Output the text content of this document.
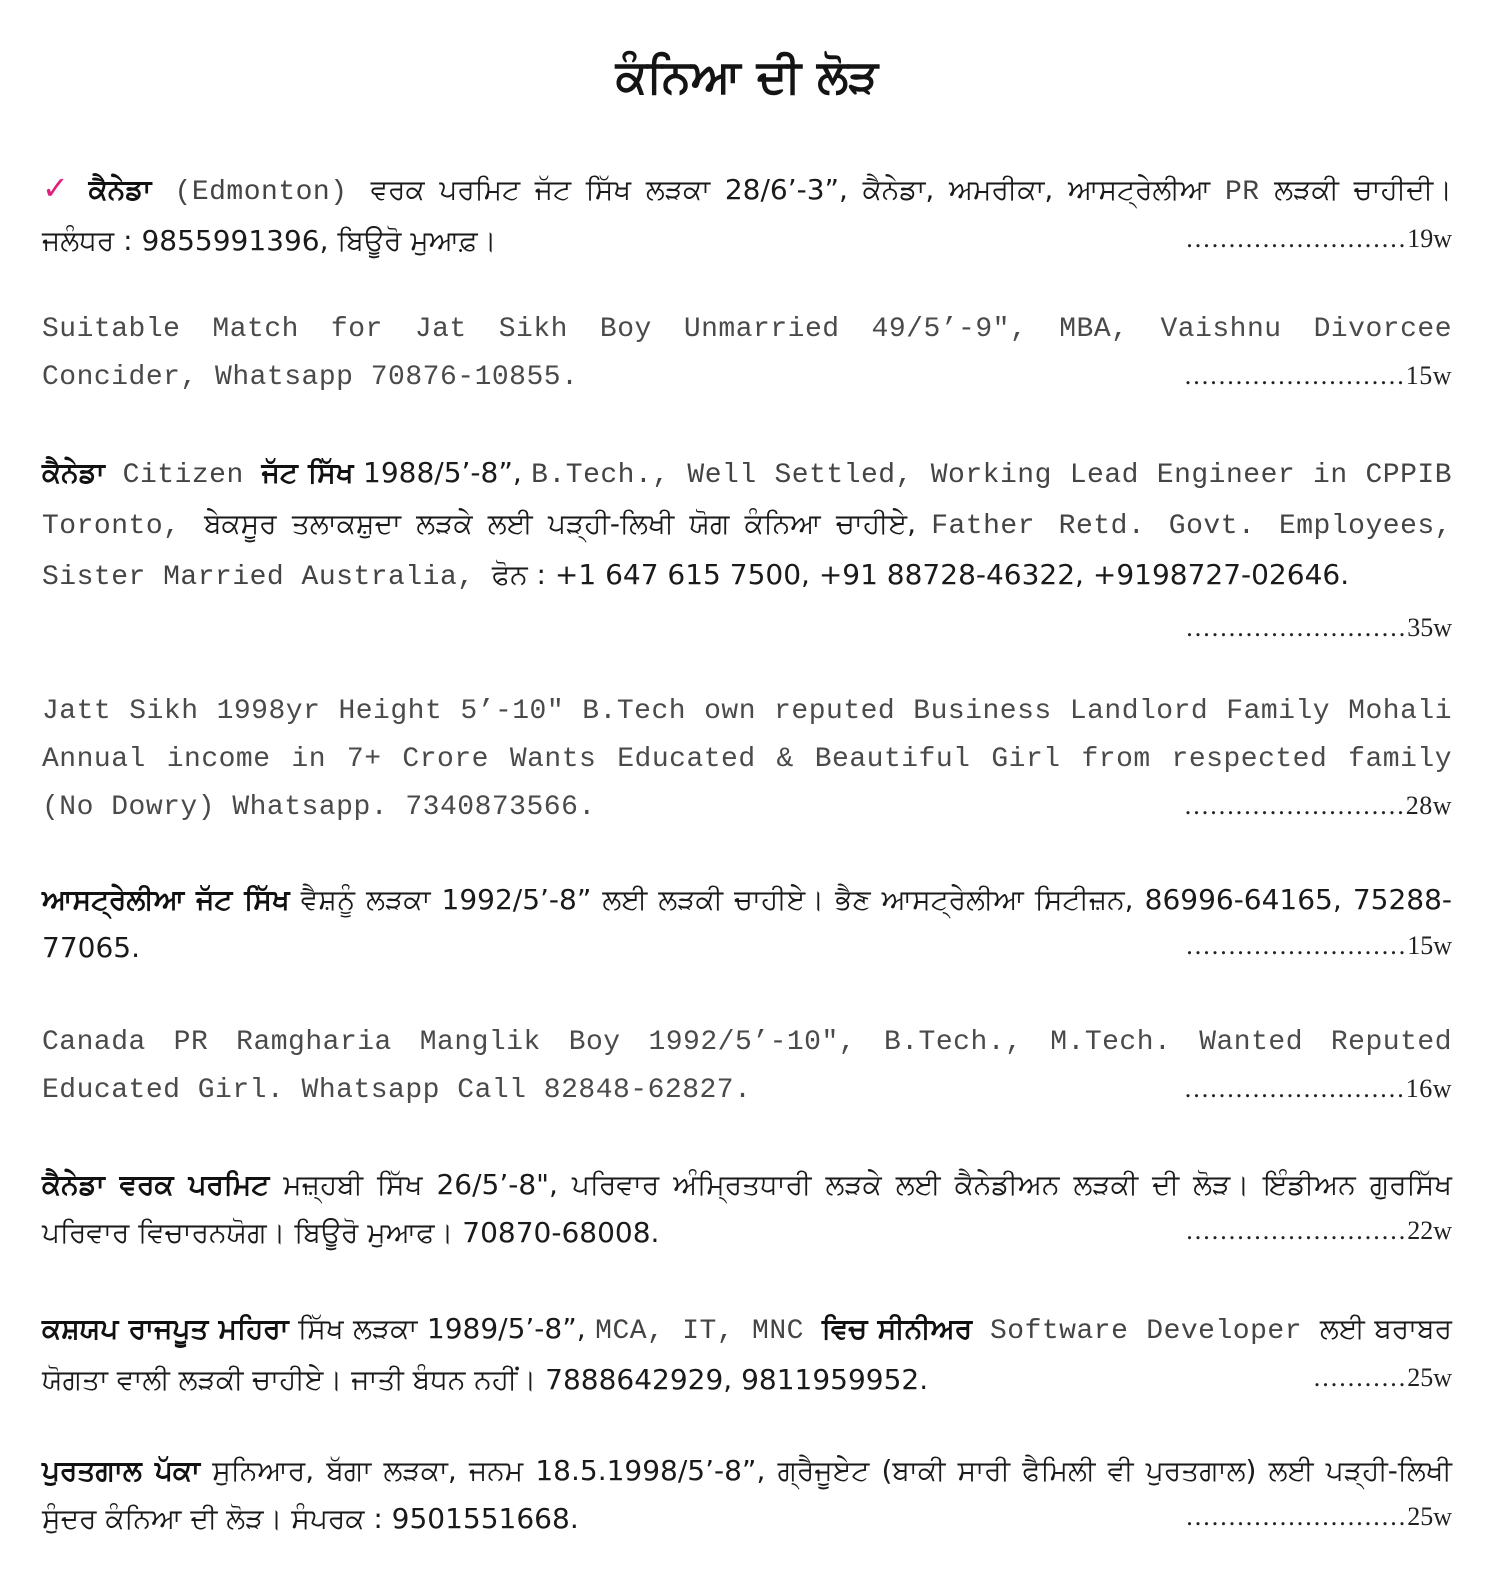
ਕੰਨਿਆ ਦੀ ਲੋੜ
✓ ਕੈਨੇਡਾ (Edmonton) ਵਰਕ ਪਰਮਿਟ ਜੱਟ ਸਿੱਖ ਲੜਕਾ 28/6’-3”, ਕੈਨੇਡਾ, ਅਮਰੀਕਾ, ਆਸਟ੍ਰੇਲੀਆ PR ਲੜਕੀ ਚਾਹੀਦੀ। ਜਲੰਧਰ : 9855991396, ਬਿਊਰੋ ਮੁਆਫ਼।	..........................19w
Suitable Match for Jat Sikh Boy Unmarried 49/5’-9", MBA, Vaishnu Divorcee Concider, Whatsapp 70876-10855.	..........................15w
ਕੈਨੇਡਾ Citizen ਜੱਟ ਸਿੱਖ 1988/5’-8”, B.Tech., Well Settled, Working Lead Engineer in CPPIB Toronto, ਬੇਕਸੂਰ ਤਲਾਕਸ਼ੁਦਾ ਲੜਕੇ ਲਈ ਪੜ੍ਹੀ-ਲਿਖੀ ਯੋਗ ਕੰਨਿਆ ਚਾਹੀਏ, Father Retd. Govt. Employees, Sister Married Australia, ਫੋਨ : +1 647 615 7500, +91 88728-46322, +9198727-02646.
..........................35w
Jatt Sikh 1998yr Height 5’-10" B.Tech own reputed Business Landlord Family Mohali Annual income in 7+ Crore Wants Educated & Beautiful Girl from respected family (No Dowry) Whatsapp. 7340873566.	..........................28w
ਆਸਟ੍ਰੇਲੀਆ ਜੱਟ ਸਿੱਖ ਵੈਸ਼ਨੂੰ ਲੜਕਾ 1992/5’-8” ਲਈ ਲੜਕੀ ਚਾਹੀਏ। ਭੈਣ ਆਸਟ੍ਰੇਲੀਆ ਸਿਟੀਜ਼ਨ, 86996-64165, 75288-77065.	..........................15w
Canada PR Ramgharia Manglik Boy 1992/5’-10", B.Tech., M.Tech. Wanted Reputed Educated Girl. Whatsapp Call 82848-62827.	..........................16w
ਕੈਨੇਡਾ ਵਰਕ ਪਰਮਿਟ ਮਜ਼੍ਹਬੀ ਸਿੱਖ 26/5’-8", ਪਰਿਵਾਰ ਅੰਮ੍ਰਿਤਧਾਰੀ ਲੜਕੇ ਲਈ ਕੈਨੇਡੀਅਨ ਲੜਕੀ ਦੀ ਲੋੜ। ਇੰਡੀਅਨ ਗੁਰਸਿੱਖ ਪਰਿਵਾਰ ਵਿਚਾਰਨਯੋਗ। ਬਿਊਰੋ ਮੁਆਫ। 70870-68008.	..........................22w
ਕਸ਼ਯਪ ਰਾਜਪੂਤ ਮਹਿਰਾ ਸਿੱਖ ਲੜਕਾ 1989/5’-8”, MCA, IT, MNC ਵਿਚ ਸੀਨੀਅਰ Software Developer ਲਈ ਬਰਾਬਰ ਯੋਗਤਾ ਵਾਲੀ ਲੜਕੀ ਚਾਹੀਏ। ਜਾਤੀ ਬੰਧਨ ਨਹੀਂ। 7888642929, 9811959952.	...........25w
ਪੁਰਤਗਾਲ ਪੱਕਾ ਸੁਨਿਆਰ, ਬੱਗਾ ਲੜਕਾ, ਜਨਮ 18.5.1998/5’-8”, ਗ੍ਰੈਜੂਏਟ (ਬਾਕੀ ਸਾਰੀ ਫੈਮਿਲੀ ਵੀ ਪੁਰਤਗਾਲ) ਲਈ ਪੜ੍ਹੀ-ਲਿਖੀ ਸੁੰਦਰ ਕੰਨਿਆ ਦੀ ਲੋੜ। ਸੰਪਰਕ : 9501551668.	..........................25w
